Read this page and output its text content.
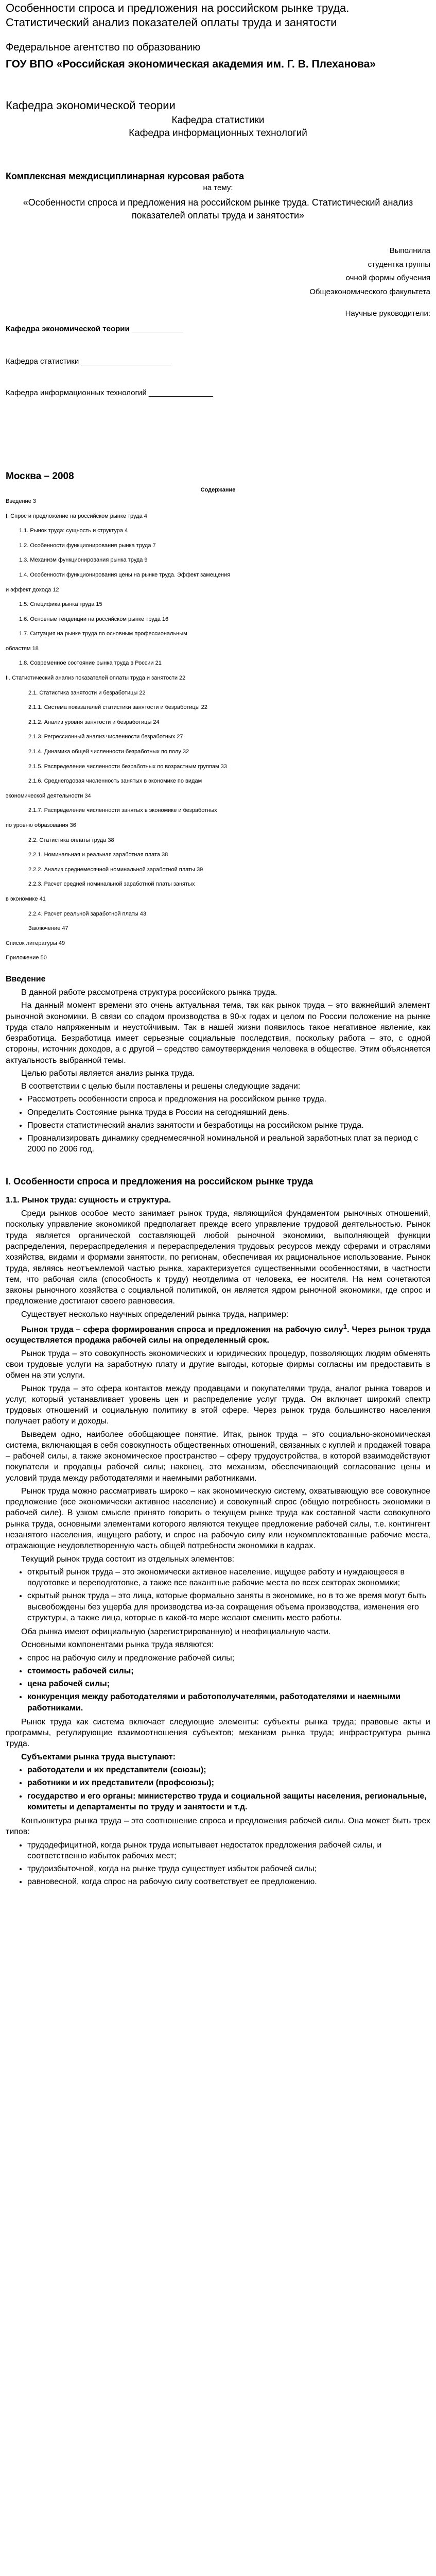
Особенности спроса и предложения на российском рынке труда. Статистический анализ показателей оплаты труда и занятости
Федеральное агентство по образованию
ГОУ ВПО «Российская экономическая академия им. Г. В. Плеханова»
Кафедра экономической теории
Кафедра статистики
Кафедра информационных технологий
Комплексная междисциплинарная курсовая работа
на тему:
«Особенности спроса и предложения на российском рынке труда. Статистический анализ показателей оплаты труда и занятости»
Выполнила
студентка группы
очной формы обучения
Общеэкономического факультета
Научные руководители:
Кафедра экономической теории ____________
Кафедра статистики _____________________
Кафедра информационных технологий _______________
Москва – 2008
Содержание
Введение 3
I. Спрос и предложение на российском рынке труда 4
1.1. Рынок труда: сущность и структура 4
1.2. Особенности функционирования рынка труда 7
1.3. Механизм функционирования рынка труда 9
1.4. Особенности функционирования цены на рынке труда. Эффект замещения
и эффект дохода 12
1.5. Специфика рынка труда 15
1.6. Основные тенденции на российском рынке труда 16
1.7. Ситуация на рынке труда по основным профессиональным
областям 18
1.8. Современное состояние рынка труда в России 21
II. Статистический анализ показателей оплаты труда и занятости 22
2.1. Статистика занятости и безработицы 22
2.1.1. Система показателей статистики занятости и безработицы 22
2.1.2. Анализ уровня занятости и безработицы 24
2.1.3. Регрессионный анализ численности безработных 27
2.1.4. Динамика общей численности безработных по полу 32
2.1.5. Распределение численности безработных по возрастным группам 33
2.1.6. Среднегодовая численность занятых в экономике по видам
экономической деятельности 34
2.1.7. Распределение численности занятых в экономике и безработных
по уровню образования 36
2.2. Статистика оплаты труда 38
2.2.1. Номинальная и реальная заработная плата 38
2.2.2. Анализ среднемесячной номинальной заработной платы 39
2.2.3. Расчет средней номинальной заработной платы занятых
в экономике 41
2.2.4. Расчет реальной заработной платы 43
Заключение 47
Список литературы 49
Приложение 50
Введение

В данной работе рассмотрена структура российского рынка труда.

На данный момент времени это очень актуальная тема, так как рынок труда – это важнейший элемент рыночной экономики. В связи со спадом производства в 90-х годах и целом по России положение на рынке труда стало напряженным и неустойчивым. Так в нашей жизни появилось такое негативное явление, как безработица. Безработица имеет серьезные социальные последствия, поскольку работа – это, с одной стороны, источник доходов, а с другой – средство самоутверждения человека в обществе. Этим объясняется актуальность выбранной темы.

Целью работы является анализ рынка труда.

В соответствии с целью были поставлены и решены следующие задачи:

• Рассмотреть особенности спроса и предложения на российском рынке труда.
• Определить Состояние рынка труда в России на сегодняшний день.
• Провести статистический анализ занятости и безработицы на российском рынке труда.
• Проанализировать динамику среднемесячной номинальной и реальной заработных плат за период с 2000 по 2006 год.
I. Особенности спроса и предложения на российском рынке труда
1.1. Рынок труда: сущность и структура.

Среди рынков особое место занимает рынок труда, являющийся фундаментом рыночных отношений, поскольку управление экономикой предполагает прежде всего управление трудовой деятельностью. Рынок труда является органической составляющей любой рыночной экономики, выполняющей функции распределения, перераспределения и перераспределения трудовых ресурсов между сферами и отраслями хозяйства, видами и формами занятости, по регионам, обеспечивая их рациональное использование. Рынок труда, являясь неотъемлемой частью рынка, характеризуется существенными особенностями, в частности тем, что рабочая сила (способность к труду) неотделима от человека, ее носителя. На нем сочетаются законы рыночного хозяйства с социальной политикой, он является ядром рыночной экономики, где спрос и предложение достигают своего равновесия.

Существует несколько научных определений рынка труда, например:

Рынок труда – сфера формирования спроса и предложения на рабочую силу$^1$. Через рынок труда осуществляется продажа рабочей силы на определенный срок.

Рынок труда – это совокупность экономических и юридических процедур, позволяющих людям обменять свои трудовые услуги на заработную плату и другие выгоды, которые фирмы согласны им предоставить в обмен на эти услуги.

Рынок труда – это сфера контактов между продавцами и покупателями труда, аналог рынка товаров и услуг, который устанавливает уровень цен и распределение услуг труда. Он включает широкий спектр трудовых отношений и социальную политику в этой сфере. Через рынок труда большинство населения получает работу и доходы.

Выведем одно, наиболее обобщающее понятие. Итак, рынок труда – это социально-экономическая система, включающая в себя совокупность общественных отношений, связанных с куплей и продажей товара – рабочей силы, а также экономическое пространство – сферу трудоустройства, в которой взаимодействуют покупатели и продавцы рабочей силы; наконец, это механизм, обеспечивающий согласование цены и условий труда между работодателями и наемными работниками.

Рынок труда можно рассматривать широко – как экономическую систему, охватывающую все совокупное предложение (все экономически активное население) и совокупный спрос (общую потребность экономики в рабочей силе). В узком смысле принято говорить о текущем рынке труда как составной части совокупного рынка труда, основными элементами которого являются текущее предложение рабочей силы, т.е. контингент незанятого населения, ищущего работу, и спрос на рабочую силу или неукомплектованные рабочие места, отражающие неудовлетворенную часть общей потребности экономики в кадрах.

Текущий рынок труда состоит из отдельных элементов:

• открытый рынок труда – это экономически активное население, ищущее работу и нуждающееся в подготовке и переподготовке, а также все вакантные рабочие места во всех секторах экономики;
• скрытый рынок труда – это лица, которые формально заняты в экономике, но в то же время могут быть высвобождены без ущерба для производства из-за сокращения объема производства, изменения его структуры, а также лица, которые в какой-то мере желают сменить место работы.

Оба рынка имеют официальную (зарегистрированную) и неофициальную части.

Основными компонентами рынка труда являются:

• спрос на рабочую силу и предложение рабочей силы;
• стоимость рабочей силы;
• цена рабочей силы;
• конкуренция между работодателями и работополучателями, работодателями и наемными работниками.

Рынок труда как система включает следующие элементы: субъекты рынка труда; правовые акты и программы, регулирующие взаимоотношения субъектов; механизм рынка труда; инфраструктура рынка труда.

Субъектами рынка труда выступают:

• работодатели и их представители (союзы);
• работники и их представители (профсоюзы);
• государство и его органы: министерство труда и социальной защиты населения, региональные, комитеты и департаменты по труду и занятости и т.д.

Конъюнктура рынка труда – это соотношение спроса и предложения рабочей силы. Она может быть трех типов:

• трудодефицитной, когда рынок труда испытывает недостаток предложения рабочей силы, и соответственно избыток рабочих мест;
• трудоизбыточной, когда на рынке труда существует избыток рабочей силы;
• равновесной, когда спрос на рабочую силу соответствует ее предложению.
